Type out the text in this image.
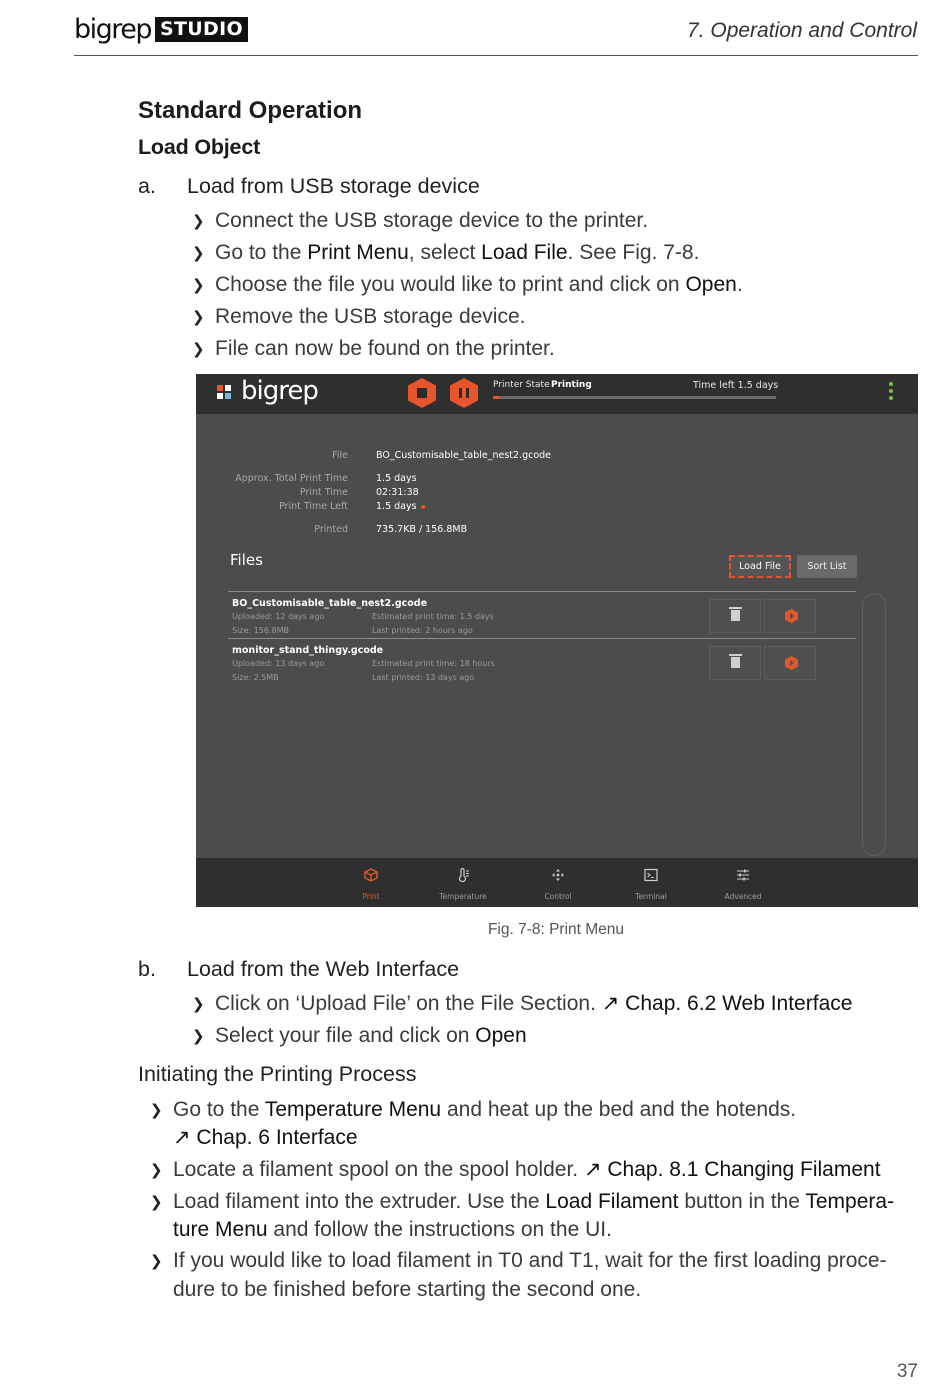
bigrep STUDIO	7. Operation and Control
Standard Operation
Load Object
a. Load from USB storage device
❯ Connect the USB storage device to the printer.
❯ Go to the Print Menu, select Load File. See Fig. 7-8.
❯ Choose the file you would like to print and click on Open.
❯ Remove the USB storage device.
❯ File can now be found on the printer.
bigrep	Printer State Printing	Time left 1.5 days
File	BO_Customisable_table_nest2.gcode
Approx. Total Print Time	1.5 days
Print Time	02:31:38
Print Time Left	1.5 days
Printed	735.7KB / 156.8MB
Files	Load File	Sort List
BO_Customisable_table_nest2.gcode
Uploaded: 12 days ago
Size: 156.8MB
Estimated print time: 1.5 days
Last printed: 2 hours ago
monitor_stand_thingy.gcode
Uploaded: 13 days ago
Size: 2.5MB
Estimated print time: 18 hours
Last printed: 13 days ago
Print	Temperature	Control	Terminal	Advanced
Fig. 7-8: Print Menu
b. Load from the Web Interface
❯ Click on ‘Upload File’ on the File Section. ↗ Chap. 6.2 Web Interface
❯ Select your file and click on Open
Initiating the Printing Process
❯ Go to the Temperature Menu and heat up the bed and the hotends.
↗ Chap. 6 Interface
❯ Locate a filament spool on the spool holder. ↗ Chap. 8.1 Changing Filament
❯ Load filament into the extruder. Use the Load Filament button in the Tempera-
ture Menu and follow the instructions on the UI.
❯ If you would like to load filament in T0 and T1, wait for the first loading proce-
dure to be finished before starting the second one.
37
